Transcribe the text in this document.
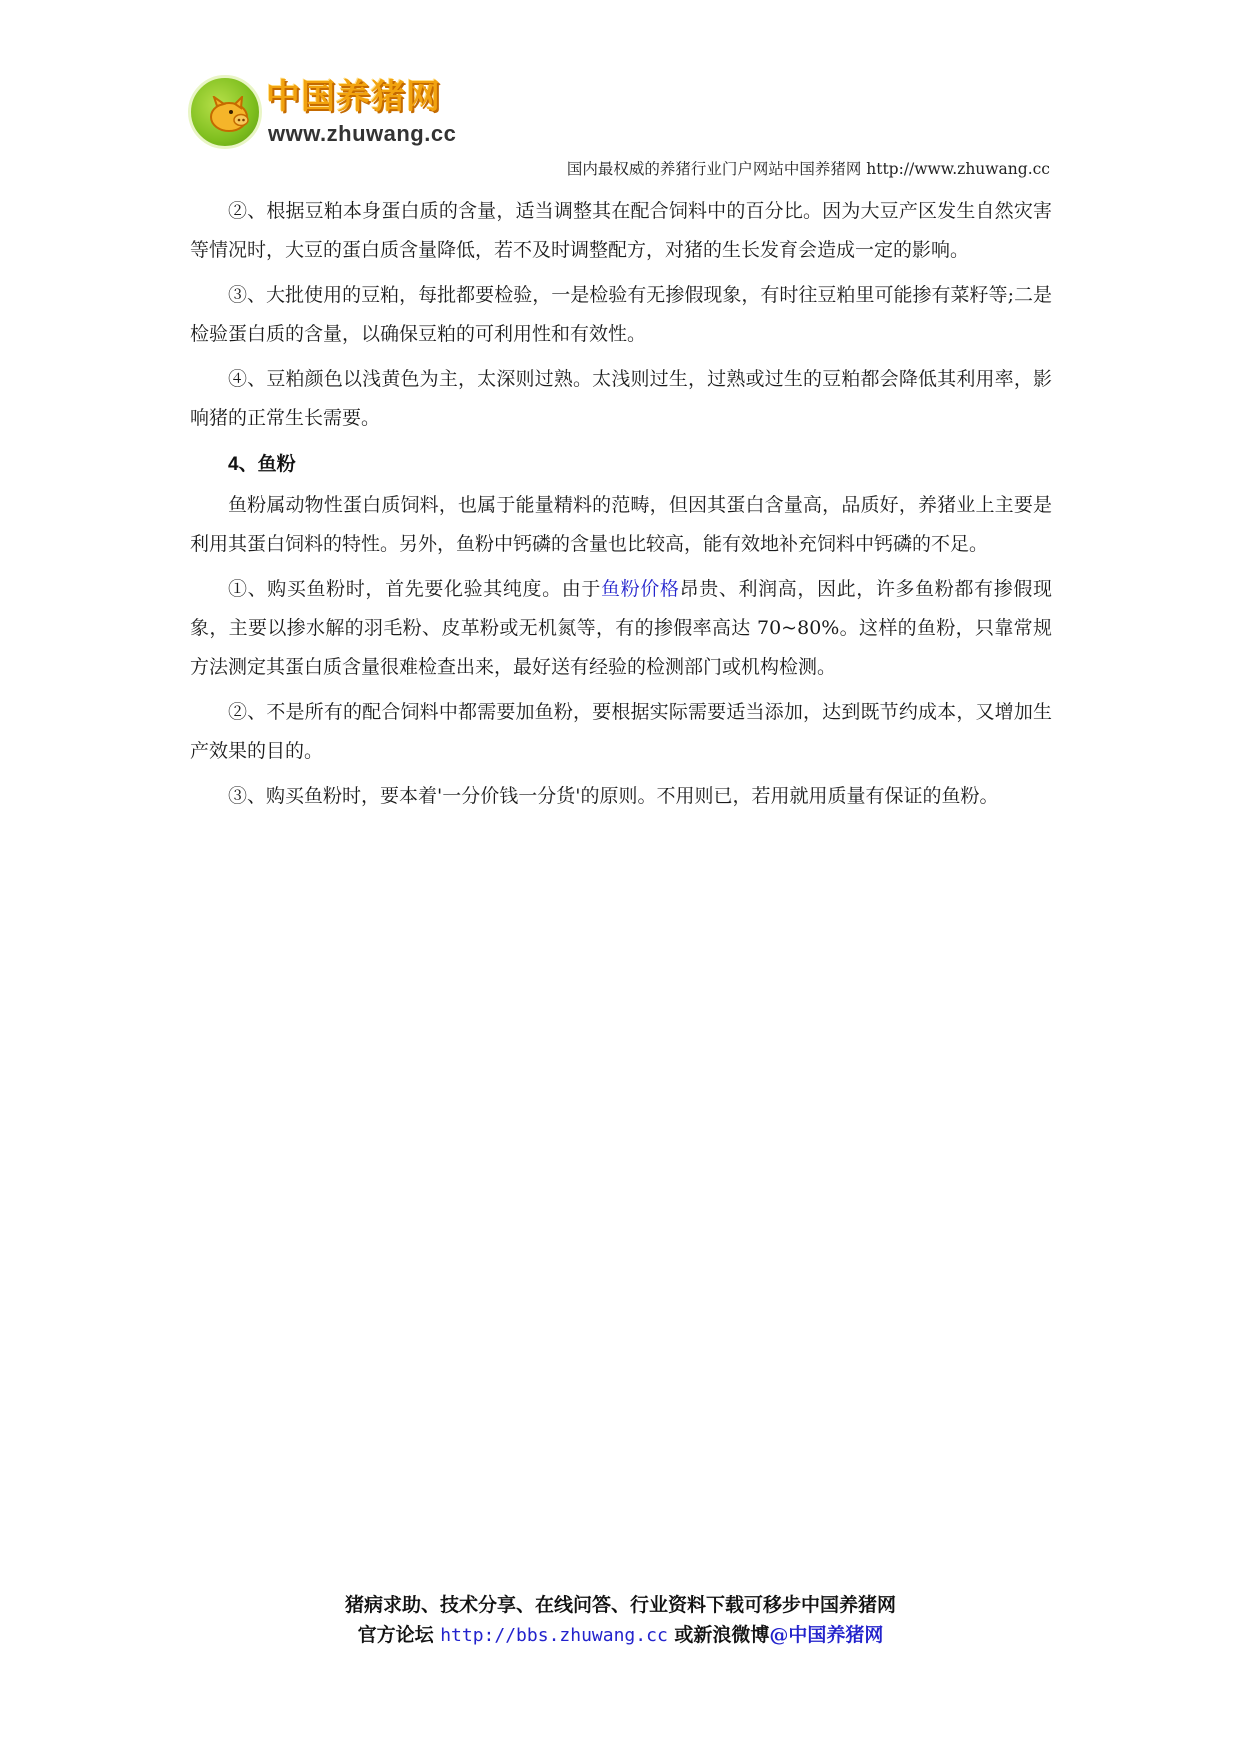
中国养猪网
www.zhuwang.cc
国内最权威的养猪行业门户网站中国养猪网 http://www.zhuwang.cc

②、根据豆粕本身蛋白质的含量，适当调整其在配合饲料中的百分比。因为大豆产区发生自然灾害等情况时，大豆的蛋白质含量降低，若不及时调整配方，对猪的生长发育会造成一定的影响。

③、大批使用的豆粕，每批都要检验，一是检验有无掺假现象，有时往豆粕里可能掺有菜籽等;二是检验蛋白质的含量，以确保豆粕的可利用性和有效性。

④、豆粕颜色以浅黄色为主，太深则过熟。太浅则过生，过熟或过生的豆粕都会降低其利用率，影响猪的正常生长需要。

4、鱼粉

鱼粉属动物性蛋白质饲料，也属于能量精料的范畴，但因其蛋白含量高，品质好，养猪业上主要是利用其蛋白饲料的特性。另外，鱼粉中钙磷的含量也比较高，能有效地补充饲料中钙磷的不足。

①、购买鱼粉时，首先要化验其纯度。由于鱼粉价格昂贵、利润高，因此，许多鱼粉都有掺假现象，主要以掺水解的羽毛粉、皮革粉或无机氮等，有的掺假率高达 70~80%。这样的鱼粉，只靠常规方法测定其蛋白质含量很难检查出来，最好送有经验的检测部门或机构检测。

②、不是所有的配合饲料中都需要加鱼粉，要根据实际需要适当添加，达到既节约成本，又增加生产效果的目的。

③、购买鱼粉时，要本着'一分价钱一分货'的原则。不用则已，若用就用质量有保证的鱼粉。

猪病求助、技术分享、在线问答、行业资料下载可移步中国养猪网
官方论坛 http://bbs.zhuwang.cc 或新浪微博@中国养猪网
